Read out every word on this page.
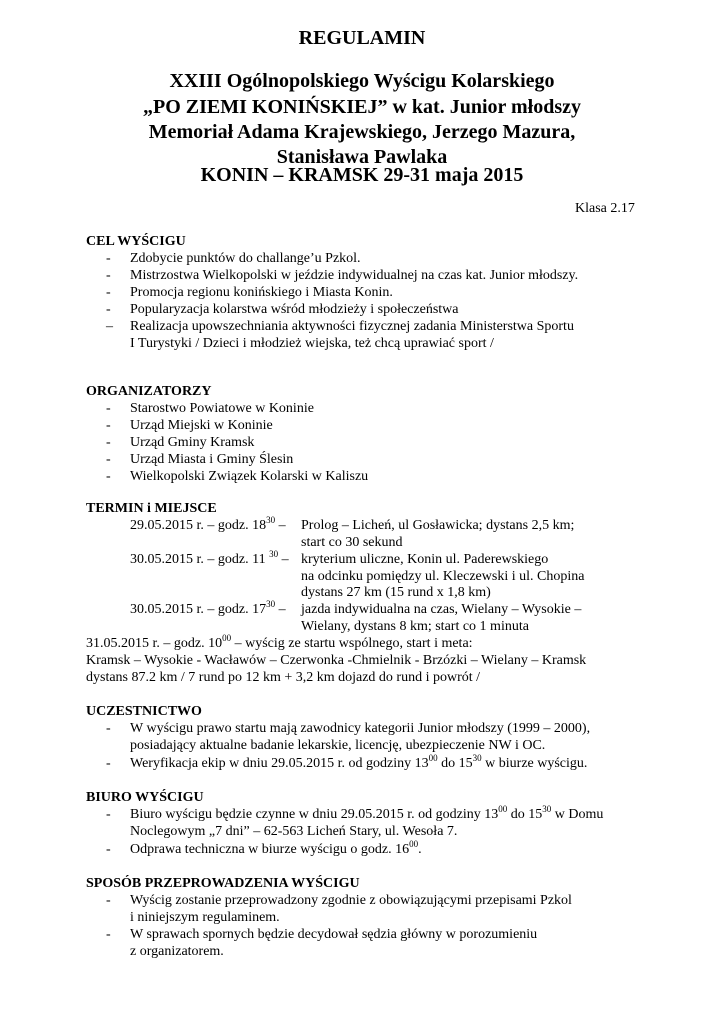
REGULAMIN
XXIII Ogólnopolskiego Wyścigu Kolarskiego
„PO ZIEMI KONIŃSKIEJ” w kat. Junior młodszy
Memoriał Adama Krajewskiego, Jerzego Mazura,
Stanisława Pawlaka
KONIN – KRAMSK 29-31 maja 2015
Klasa 2.17
CEL WYŚCIGU
- Zdobycie punktów do challange’u Pzkol.
- Mistrzostwa Wielkopolski w jeździe indywidualnej na czas kat. Junior młodszy.
- Promocja regionu konińskiego i Miasta Konin.
- Popularyzacja kolarstwa wśród młodzieży i społeczeństwa
– Realizacja upowszechniania aktywności fizycznej zadania Ministerstwa Sportu
I Turystyki / Dzieci i młodzież wiejska, też chcą uprawiać sport /
ORGANIZATORZY
- Starostwo Powiatowe w Koninie
- Urząd Miejski w Koninie
- Urząd Gminy Kramsk
- Urząd Miasta i Gminy Ślesin
- Wielkopolski Związek Kolarski w Kaliszu
TERMIN i MIEJSCE
29.05.2015 r. – godz. $18^{30}$ – Prolog – Licheń, ul Gosławicka; dystans 2,5 km;
start co 30 sekund
30.05.2015 r. – godz. 11 $^{30}$ – kryterium uliczne, Konin ul. Paderewskiego
na odcinku pomiędzy ul. Kleczewski i ul. Chopina
dystans 27 km (15 rund x 1,8 km)
30.05.2015 r. – godz. $17^{30}$ – jazda indywidualna na czas, Wielany – Wysokie –
Wielany, dystans 8 km; start co 1 minuta
31.05.2015 r. – godz. $10^{00}$ – wyścig ze startu wspólnego, start i meta:
Kramsk – Wysokie - Wacławów – Czerwonka -Chmielnik - Brzózki – Wielany – Kramsk
dystans 87.2 km / 7 rund po 12 km + 3,2 km dojazd do rund i powrót /
UCZESTNICTWO
- W wyścigu prawo startu mają zawodnicy kategorii Junior młodszy (1999 – 2000),
posiadający aktualne badanie lekarskie, licencję, ubezpieczenie NW i OC.
- Weryfikacja ekip w dniu 29.05.2015 r. od godziny $13^{00}$ do $15^{30}$ w biurze wyścigu.
BIURO WYŚCIGU
- Biuro wyścigu będzie czynne w dniu 29.05.2015 r. od godziny $13^{00}$ do $15^{30}$ w Domu
Noclegowym „7 dni” – 62-563 Licheń Stary, ul. Wesoła 7.
- Odprawa techniczna w biurze wyścigu o godz. $16^{00}$.
SPOSÓB PRZEPROWADZENIA WYŚCIGU
- Wyścig zostanie przeprowadzony zgodnie z obowiązującymi przepisami Pzkol
i niniejszym regulaminem.
- W sprawach spornych będzie decydował sędzia główny w porozumieniu
z organizatorem.
